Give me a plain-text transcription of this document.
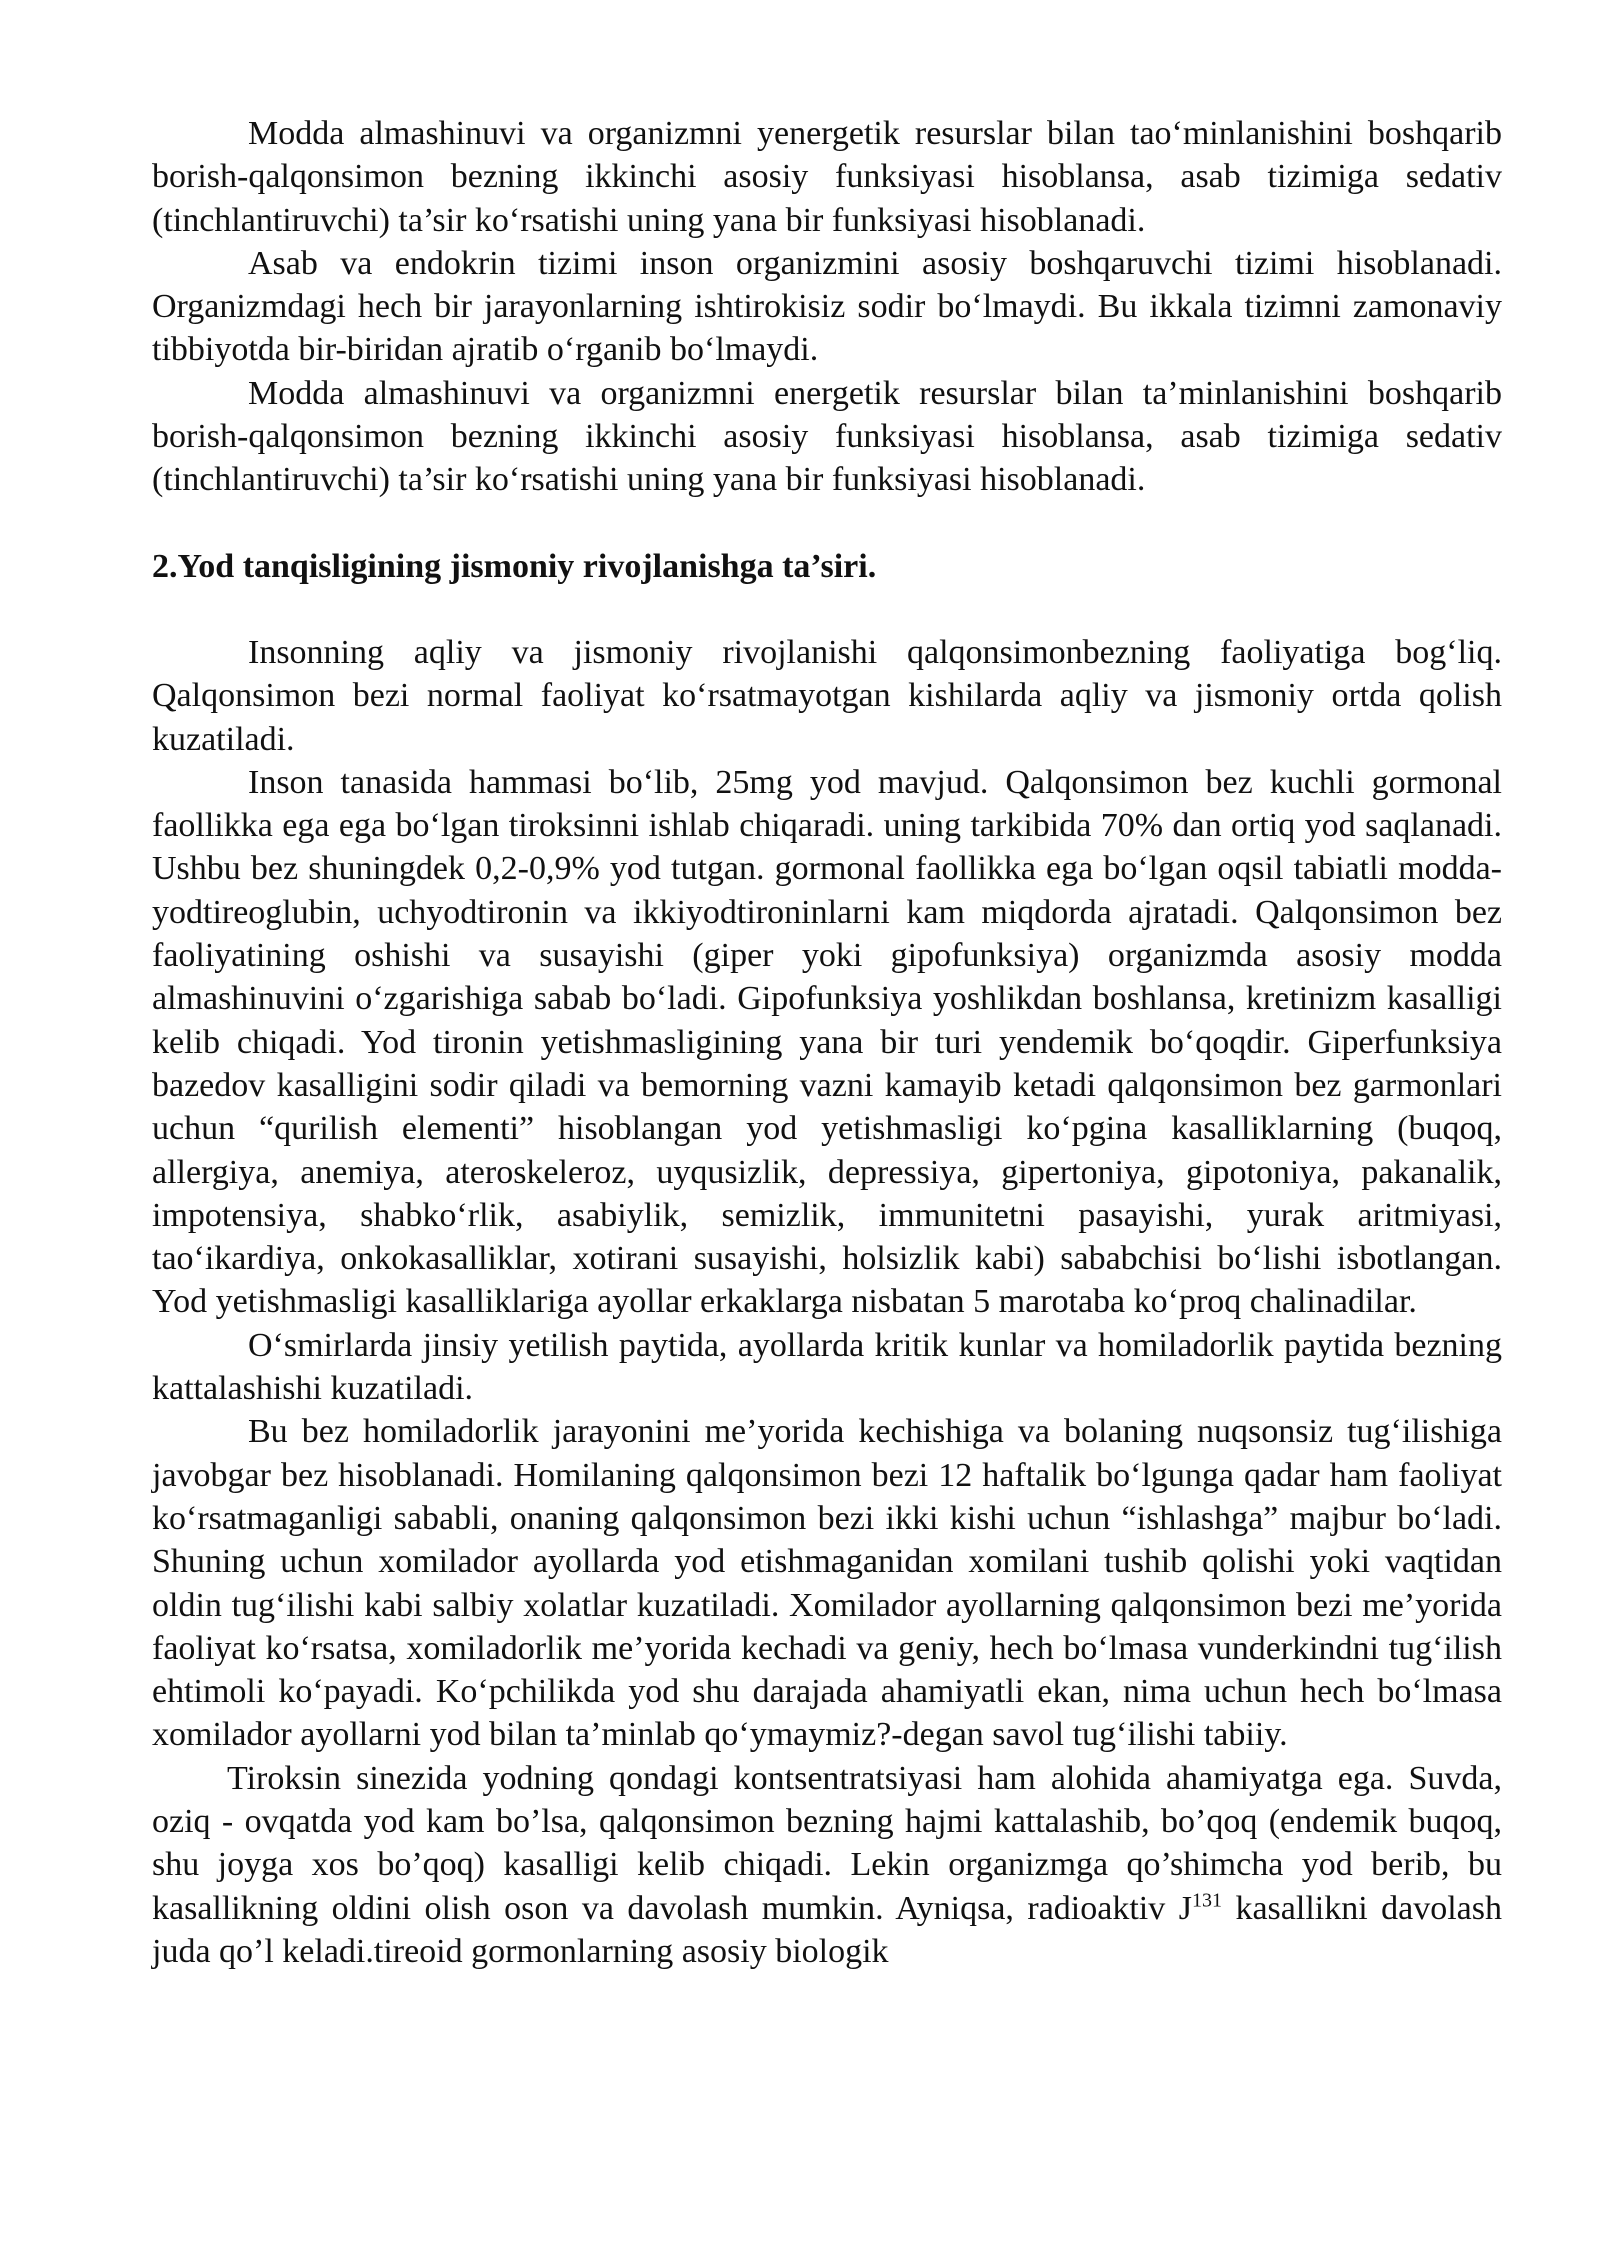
Modda almashinuvi va organizmni yenergetik resurslar bilan tao‘minlanishini boshqarib borish-qalqonsimon bezning ikkinchi asosiy funksiyasi hisoblansa, asab tizimiga sedativ (tinchlantiruvchi) ta’sir ko‘rsatishi uning yana bir funksiyasi hisoblanadi.

Asab va endokrin tizimi inson organizmini asosiy boshqaruvchi tizimi hisoblanadi. Organizmdagi hech bir jarayonlarning ishtirokisiz sodir bo‘lmaydi. Bu ikkala tizimni zamonaviy tibbiyotda bir-biridan ajratib o‘rganib bo‘lmaydi.

Modda almashinuvi va organizmni energetik resurslar bilan ta’minlanishini boshqarib borish-qalqonsimon bezning ikkinchi asosiy funksiyasi hisoblansa, asab tizimiga sedativ (tinchlantiruvchi) ta’sir ko‘rsatishi uning yana bir funksiyasi hisoblanadi.

2.Yod tanqisligining jismoniy rivojlanishga ta’siri.

Insonning aqliy va jismoniy rivojlanishi qalqonsimonbezning faoliyatiga bog‘liq. Qalqonsimon bezi normal faoliyat ko‘rsatmayotgan kishilarda aqliy va jismoniy ortda qolish kuzatiladi.

Inson tanasida hammasi bo‘lib, 25mg yod mavjud. Qalqonsimon bez kuchli gormonal faollikka ega ega bo‘lgan tiroksinni ishlab chiqaradi. uning tarkibida 70% dan ortiq yod saqlanadi. Ushbu bez shuningdek 0,2-0,9% yod tutgan. gormonal faollikka ega bo‘lgan oqsil tabiatli modda-yodtireoglubin, uchyodtironin va ikkiyodtironinlarni kam miqdorda ajratadi. Qalqonsimon bez faoliyatining oshishi va susayishi (giper yoki gipofunksiya) organizmda asosiy modda almashinuvini o‘zgarishiga sabab bo‘ladi. Gipofunksiya yoshlikdan boshlansa, kretinizm kasalligi kelib chiqadi. Yod tironin yetishmasligining yana bir turi yendemik bo‘qoqdir. Giperfunksiya bazedov kasalligini sodir qiladi va bemorning vazni kamayib ketadi qalqonsimon bez garmonlari uchun “qurilish elementi” hisoblangan yod yetishmasligi ko‘pgina kasalliklarning (buqoq, allergiya, anemiya, ateroskeleroz, uyqusizlik, depressiya, gipertoniya, gipotoniya, pakanalik, impotensiya, shabko‘rlik, asabiylik, semizlik, immunitetni pasayishi, yurak aritmiyasi, tao‘ikardiya, onkokasalliklar, xotirani susayishi, holsizlik kabi) sababchisi bo‘lishi isbotlangan. Yod yetishmasligi kasalliklariga ayollar erkaklarga nisbatan 5 marotaba ko‘proq chalinadilar.

O‘smirlarda jinsiy yetilish paytida, ayollarda kritik kunlar va homiladorlik paytida bezning kattalashishi kuzatiladi.

Bu bez homiladorlik jarayonini me’yorida kechishiga va bolaning nuqsonsiz tug‘ilishiga javobgar bez hisoblanadi. Homilaning qalqonsimon bezi 12 haftalik bo‘lgunga qadar ham faoliyat ko‘rsatmaganligi sababli, onaning qalqonsimon bezi ikki kishi uchun “ishlashga” majbur bo‘ladi. Shuning uchun xomilador ayollarda yod etishmaganidan xomilani tushib qolishi yoki vaqtidan oldin tug‘ilishi kabi salbiy xolatlar kuzatiladi. Xomilador ayollarning qalqonsimon bezi me’yorida faoliyat ko‘rsatsa, xomiladorlik me’yorida kechadi va geniy, hech bo‘lmasa vunderkindni tug‘ilish ehtimoli ko‘payadi. Ko‘pchilikda yod shu darajada ahamiyatli ekan, nima uchun hech bo‘lmasa xomilador ayollarni yod bilan ta’minlab qo‘ymaymiz?-degan savol tug‘ilishi tabiiy.

Tiroksin sinezida yodning qondagi kontsentratsiyasi ham alohida ahamiyatga ega. Suvda, oziq - ovqatda yod kam bo’lsa, qalqonsimon bezning hajmi kattalashib, bo’qoq (endemik buqoq, shu joyga xos bo’qoq) kasalligi kelib chiqadi. Lekin organizmga qo’shimcha yod berib, bu kasallikning oldini olish oson va davolash mumkin. Ayniqsa, radioaktiv $J^{131}$ kasallikni davolash juda qo’l keladi.tireoid gormonlarning asosiy biologik
